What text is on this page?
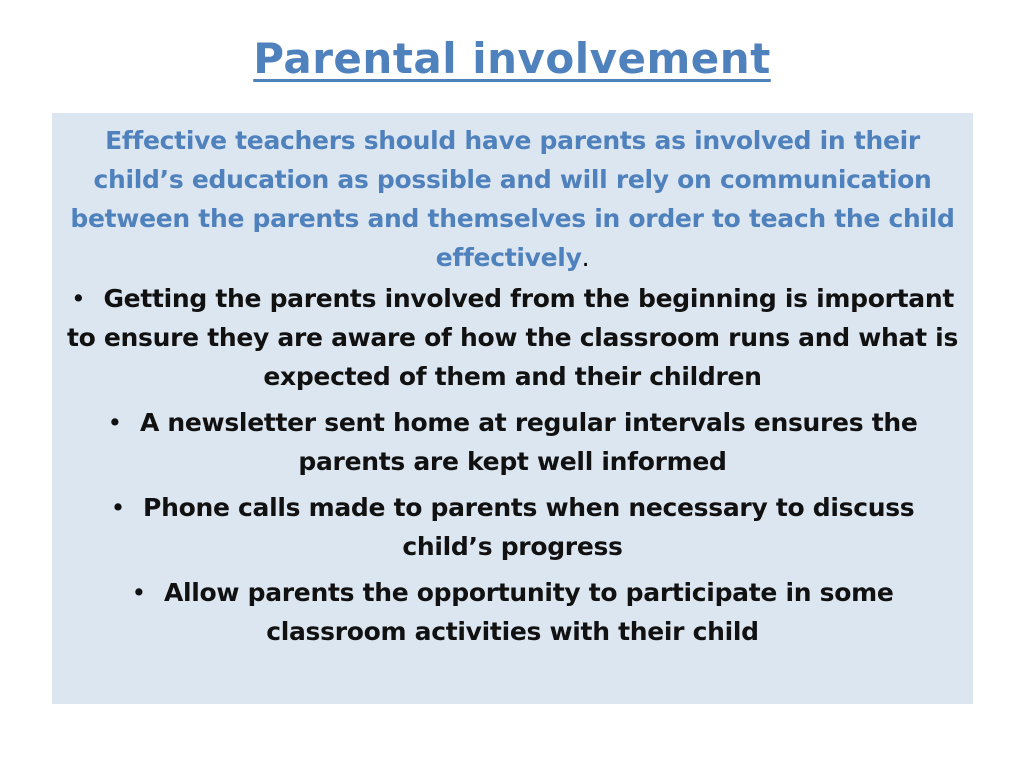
Parental involvement

Effective teachers should have parents as involved in their child’s education as possible and will rely on communication between the parents and themselves in order to teach the child effectively.

• Getting the parents involved from the beginning is important to ensure they are aware of how the classroom runs and what is expected of them and their children
• A newsletter sent home at regular intervals ensures the parents are kept well informed
• Phone calls made to parents when necessary to discuss child’s progress
• Allow parents the opportunity to participate in some classroom activities with their child
